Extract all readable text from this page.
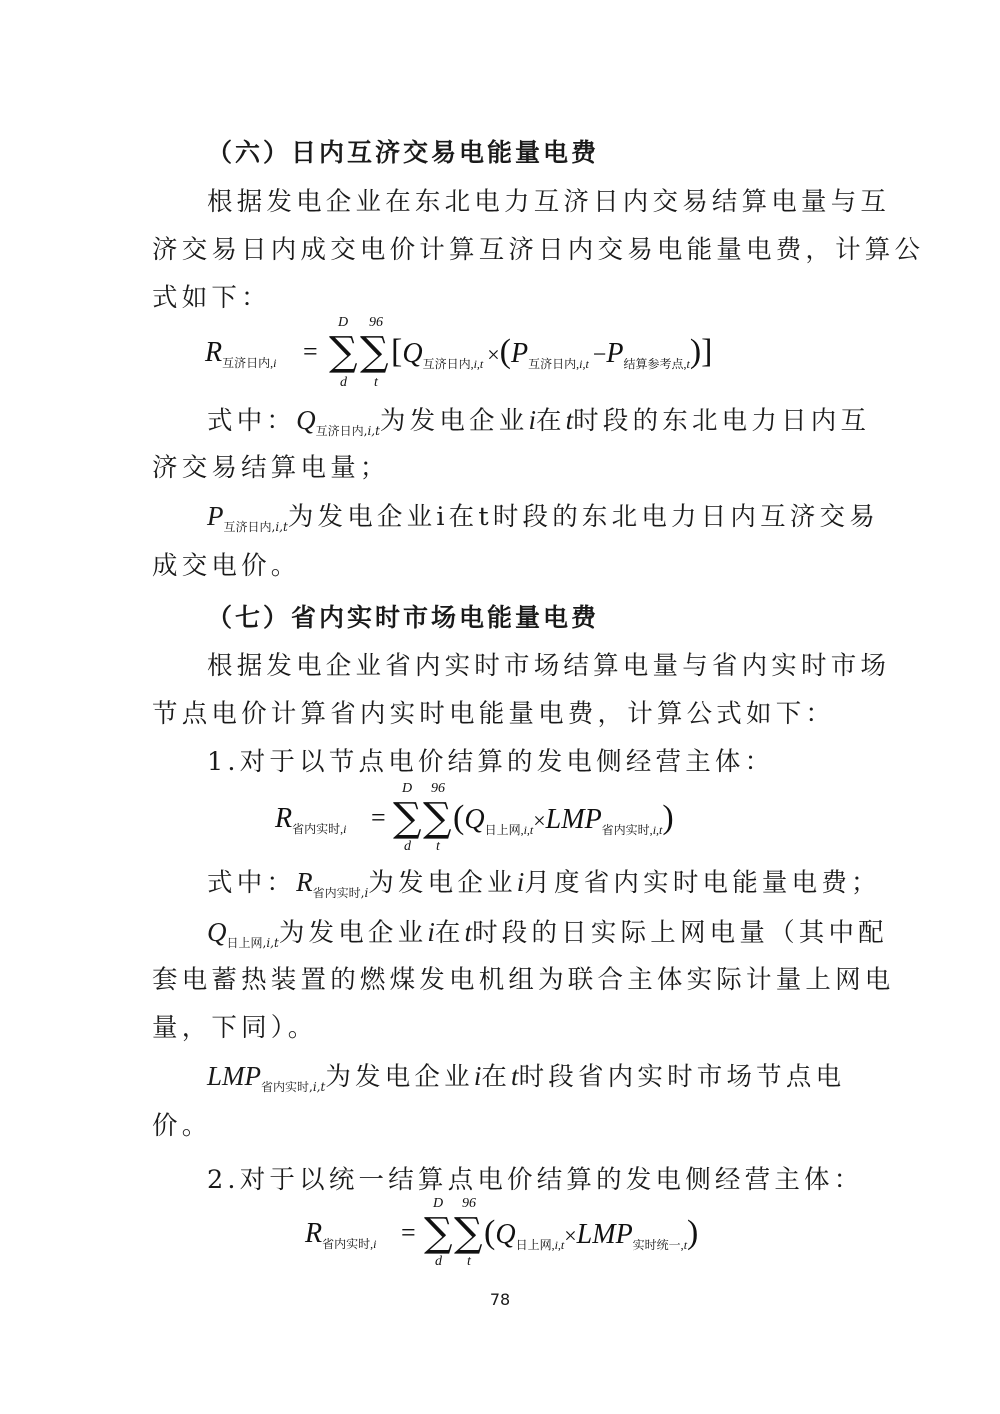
（六）日内互济交易电能量电费
根据发电企业在东北电力互济日内交易结算电量与互
济交易日内成交电价计算互济日内交易电能量电费，计算公
式如下：
$R_{互济日内,i}$ =
D
∑
d
96
∑
t
$[Q_{互济日内,i,t} \times(P_{互济日内,i,t} -P_{结算参考点,t})]$
式中：$Q_{互济日内,i,t}$为发电企业i在t时段的东北电力日内互
济交易结算电量；
$P_{互济日内,i,t}$为发电企业i在t时段的东北电力日内互济交易
成交电价。
（七）省内实时市场电能量电费
根据发电企业省内实时市场结算电量与省内实时市场
节点电价计算省内实时电能量电费，计算公式如下：
1.对于以节点电价结算的发电侧经营主体：
$R_{省内实时,i}$ =
D
∑
d
96
∑
t
$(Q_{日上网,i,t}\times LMP_{省内实时,i,t})$
式中：$R_{省内实时,i}$为发电企业i月度省内实时电能量电费；
$Q_{日上网,i,t}$为发电企业i在t时段的日实际上网电量（其中配
套电蓄热装置的燃煤发电机组为联合主体实际计量上网电
量，下同）。
$LMP_{省内实时,i,t}$为发电企业i在t时段省内实时市场节点电
价。
2.对于以统一结算点电价结算的发电侧经营主体：
$R_{省内实时,i}$ =
D
∑
d
96
∑
t
$(Q_{日上网,i,t}\times LMP_{实时统一,t})$
78
